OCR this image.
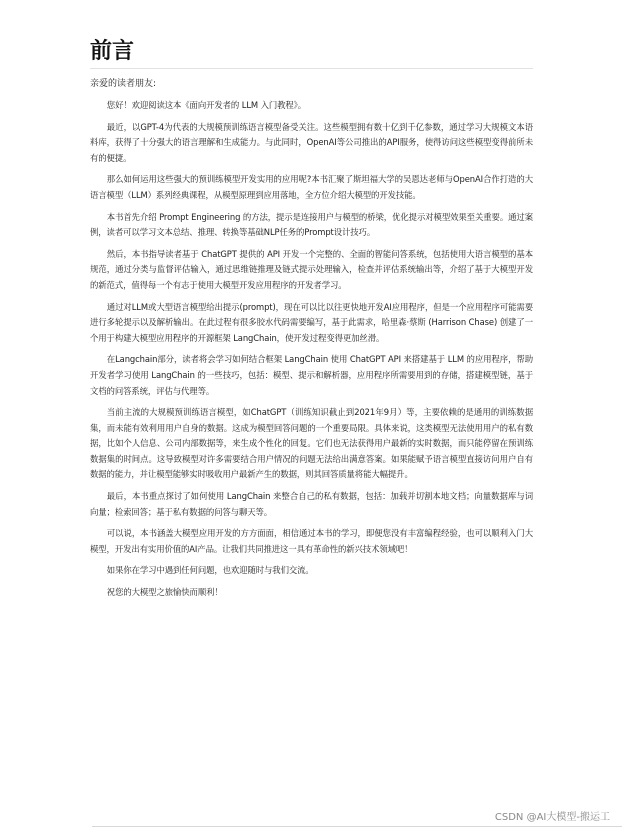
前言
亲爱的读者朋友:

您好！欢迎阅读这本《面向开发者的 LLM 入门教程》。

最近，以GPT-4为代表的大规模预训练语言模型备受关注。这些模型拥有数十亿到千亿参数，通过学习大规模文本语料库，获得了十分强大的语言理解和生成能力。与此同时，OpenAI等公司推出的API服务，使得访问这些模型变得前所未有的便捷。

那么如何运用这些强大的预训练模型开发实用的应用呢?本书汇聚了斯坦福大学的吴恩达老师与OpenAI合作打造的大语言模型（LLM）系列经典课程，从模型原理到应用落地，全方位介绍大模型的开发技能。

本书首先介绍 Prompt Engineering 的方法，提示是连接用户与模型的桥梁，优化提示对模型效果至关重要。通过案例，读者可以学习文本总结、推理、转换等基础NLP任务的Prompt设计技巧。

然后，本书指导读者基于 ChatGPT 提供的 API 开发一个完整的、全面的智能问答系统，包括使用大语言模型的基本规范，通过分类与监督评估输入，通过思维链推理及链式提示处理输入，检查并评估系统输出等，介绍了基于大模型开发的新范式，值得每一个有志于使用大模型开发应用程序的开发者学习。

通过对LLM或大型语言模型给出提示(prompt)，现在可以比以往更快地开发AI应用程序，但是一个应用程序可能需要进行多轮提示以及解析输出。在此过程有很多胶水代码需要编写，基于此需求，哈里森·蔡斯 (Harrison Chase) 创建了一个用于构建大模型应用程序的开源框架 LangChain，使开发过程变得更加丝滑。

在Langchain部分，读者将会学习如何结合框架 LangChain 使用 ChatGPT API 来搭建基于 LLM 的应用程序，帮助开发者学习使用 LangChain 的一些技巧，包括：模型、提示和解析器，应用程序所需要用到的存储，搭建模型链，基于文档的问答系统，评估与代理等。

当前主流的大规模预训练语言模型，如ChatGPT（训练知识截止到2021年9月）等，主要依赖的是通用的训练数据集，而未能有效利用用户自身的数据。这成为模型回答问题的一个重要局限。具体来说，这类模型无法使用用户的私有数据，比如个人信息、公司内部数据等，来生成个性化的回复。它们也无法获得用户最新的实时数据，而只能停留在预训练数据集的时间点。这导致模型对许多需要结合用户情况的问题无法给出满意答案。如果能赋予语言模型直接访问用户自有数据的能力，并让模型能够实时吸收用户最新产生的数据，则其回答质量将能大幅提升。

最后，本书重点探讨了如何使用 LangChain 来整合自己的私有数据，包括：加载并切割本地文档；向量数据库与词向量；检索回答；基于私有数据的问答与聊天等。

可以说，本书涵盖大模型应用开发的方方面面，相信通过本书的学习，即便您没有丰富编程经验，也可以顺利入门大模型，开发出有实用价值的AI产品。让我们共同推进这一具有革命性的新兴技术领域吧！

如果你在学习中遇到任何问题，也欢迎随时与我们交流。

祝您的大模型之旅愉快而顺利！

CSDN @AI大模型-搬运工
